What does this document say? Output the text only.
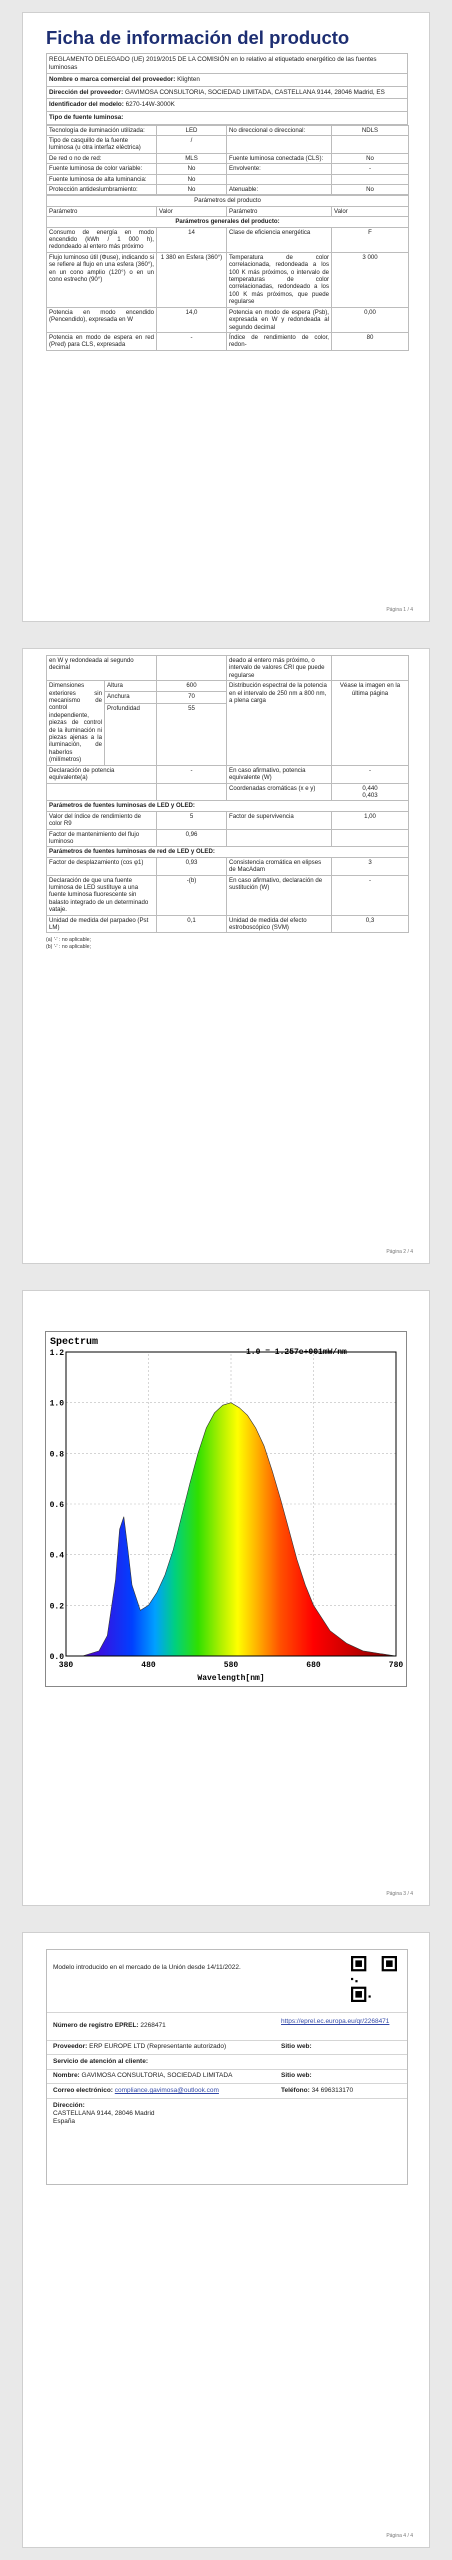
Ficha de información del producto
REGLAMENTO DELEGADO (UE) 2019/2015 DE LA COMISIÓN en lo relativo al etiquetado energético de las fuentes luminosas
Nombre o marca comercial del proveedor: Klighten
Dirección del proveedor: GAVIMOSA CONSULTORIA, SOCIEDAD LIMITADA, CASTELLANA 9144, 28046 Madrid, ES
Identificador del modelo: 6270-14W-3000K
Tipo de fuente luminosa:
Tecnología de iluminación utilizada:	LED	No direccional o direccional:	NDLS
Tipo de casquillo de la fuente luminosa (u otra interfaz eléctrica)	/		
De red o no de red:	MLS	Fuente luminosa conectada (CLS):	No
Fuente luminosa de color variable:	No	Envolvente:	-
Fuente luminosa de alta luminancia:	No		
Protección antideslumbramiento:	No	Atenuable:	No
Parámetros del producto			
Parámetro	Valor	Parámetro	Valor
Parámetros generales del producto:			
Consumo de energía en modo encendido (kWh / 1 000 h), redondeado al entero más próximo	14	Clase de eficiencia energética	F
Flujo luminoso útil (Φuse), indicando si se refiere al flujo en una esfera (360°), en un cono amplio (120°) o en un cono estrecho (90°)	1 380 en Esfera (360°)	Temperatura de color correlacionada, redondeada a los 100 K más próximos, o intervalo de temperaturas de color correlacionadas, redondeado a los 100 K más próximos, que puede regularse	3 000
Potencia en modo encendido (Pencendido), expresada en W	14,0	Potencia en modo de espera (Psb), expresada en W y redondeada al segundo decimal	0,00
Potencia en modo de espera en red (Pred) para CLS, expresada	-	Índice de rendimiento de color, redon-	80
Página 1 / 4
en W y redondeada al segundo decimal			deado al entero más próximo, o intervalo de valores CRI que puede regularse	
Dimensiones exteriores sin mecanismo de control independiente, piezas de control de la iluminación ni piezas ajenas a la iluminación, de haberlos (milímetros)	Altura	600	Distribución espectral de la potencia en el intervalo de 250 nm a 800 nm, a plena carga	Véase la imagen en la última página
	Anchura	70		
	Profundidad	55		
Declaración de potencia equivalente(a)		-	En caso afirmativo, potencia equivalente (W)	-
			Coordenadas cromáticas (x e y)	0,440
0,403
Parámetros de fuentes luminosas de LED y OLED:				
Valor del índice de rendimiento de color R9		5	Factor de supervivencia	1,00
Factor de mantenimiento del flujo luminoso		0,96		
Parámetros de fuentes luminosas de red de LED y OLED:				
Factor de desplazamiento (cos φ1)		0,93	Consistencia cromática en elipses de MacAdam	3
Declaración de que una fuente luminosa de LED sustituye a una fuente luminosa fluorescente sin balasto integrado de un determinado vataje.		-(b)	En caso afirmativo, declaración de sustitución (W)	-
Unidad de medida del parpadeo (Pst LM)		0,1	Unidad de medida del efecto estroboscópico (SVM)	0,3
(a) '-' : no aplicable;
(b) '-' : no aplicable;
Página 2 / 4
Spectrum
1.0 = 1.257e+001mW/nm
0.0
0.2
0.4
0.6
0.8
1.0
1.2
380	480	580	680	780
Wavelength[nm]
Página 3 / 4
Modelo introducido en el mercado de la Unión desde 14/11/2022.
Número de registro EPREL: 2268471
https://eprel.ec.europa.eu/qr/2268471
Proveedor: ERP EUROPE LTD (Representante autorizado)	Sitio web:
Servicio de atención al cliente:
Nombre: GAVIMOSA CONSULTORIA, SOCIEDAD LIMITADA	Sitio web:
Correo electrónico: compliance.gavimosa@outlook.com	Teléfono: 34 696313170
Dirección:
CASTELLANA 9144, 28046 Madrid
España
Página 4 / 4
